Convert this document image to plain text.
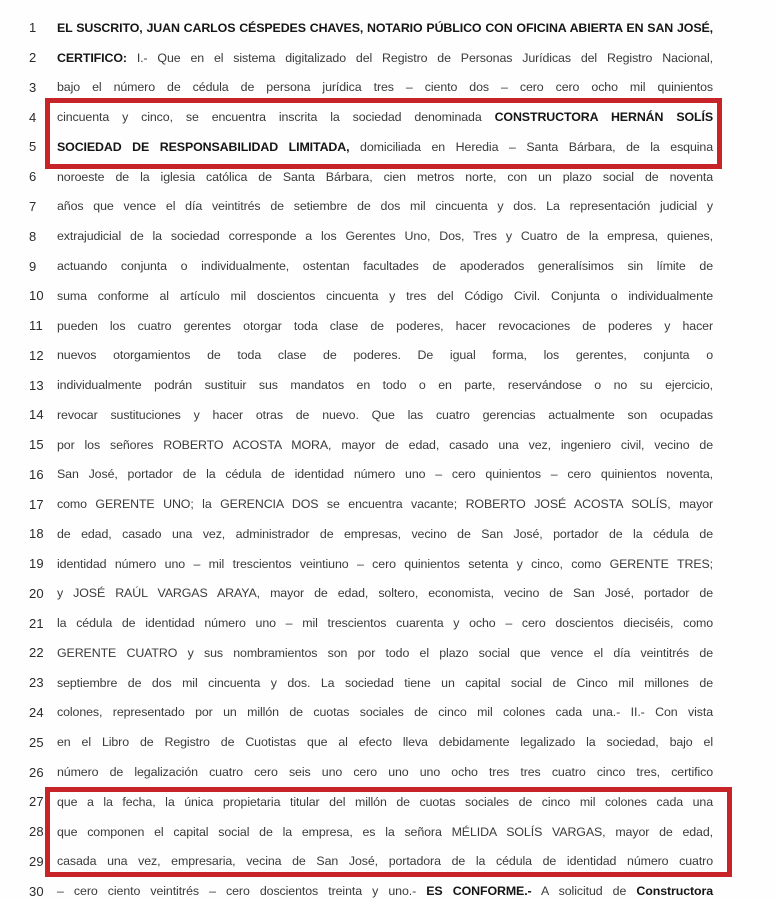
1	EL SUSCRITO, JUAN CARLOS CÉSPEDES CHAVES, NOTARIO PÚBLICO CON OFICINA ABIERTA EN SAN JOSÉ,
2	CERTIFICO: I.- Que en el sistema digitalizado del Registro de Personas Jurídicas del Registro Nacional,
3	bajo el número de cédula de persona jurídica tres – ciento dos – cero cero ocho mil quinientos
4	cincuenta y cinco, se encuentra inscrita la sociedad denominada CONSTRUCTORA HERNÁN SOLÍS
5	SOCIEDAD DE RESPONSABILIDAD LIMITADA, domiciliada en Heredia – Santa Bárbara, de la esquina
6	noroeste de la iglesia católica de Santa Bárbara, cien metros norte, con un plazo social de noventa
7	años que vence el día veintitrés de setiembre de dos mil cincuenta y dos. La representación judicial y
8	extrajudicial de la sociedad corresponde a los Gerentes Uno, Dos, Tres y Cuatro de la empresa, quienes,
9	actuando conjunta o individualmente, ostentan facultades de apoderados generalísimos sin límite de
10	suma conforme al artículo mil doscientos cincuenta y tres del Código Civil. Conjunta o individualmente
11	pueden los cuatro gerentes otorgar toda clase de poderes, hacer revocaciones de poderes y hacer
12	nuevos otorgamientos de toda clase de poderes. De igual forma, los gerentes, conjunta o
13	individualmente podrán sustituir sus mandatos en todo o en parte, reservándose o no su ejercicio,
14	revocar sustituciones y hacer otras de nuevo. Que las cuatro gerencias actualmente son ocupadas
15	por los señores ROBERTO ACOSTA MORA, mayor de edad, casado una vez, ingeniero civil, vecino de
16	San José, portador de la cédula de identidad número uno – cero quinientos – cero quinientos noventa,
17	como GERENTE UNO; la GERENCIA DOS se encuentra vacante; ROBERTO JOSÉ ACOSTA SOLÍS, mayor
18	de edad, casado una vez, administrador de empresas, vecino de San José, portador de la cédula de
19	identidad número uno – mil trescientos veintiuno – cero quinientos setenta y cinco, como GERENTE TRES;
20	y JOSÉ RAÚL VARGAS ARAYA, mayor de edad, soltero, economista, vecino de San José, portador de
21	la cédula de identidad número uno – mil trescientos cuarenta y ocho – cero doscientos dieciséis, como
22	GERENTE CUATRO y sus nombramientos son por todo el plazo social que vence el día veintitrés de
23	septiembre de dos mil cincuenta y dos. La sociedad tiene un capital social de Cinco mil millones de
24	colones, representado por un millón de cuotas sociales de cinco mil colones cada una.- II.- Con vista
25	en el Libro de Registro de Cuotistas que al efecto lleva debidamente legalizado la sociedad, bajo el
26	número de legalización cuatro cero seis uno cero uno uno ocho tres tres cuatro cinco tres, certifico
27	que a la fecha, la única propietaria titular del millón de cuotas sociales de cinco mil colones cada una
28	que componen el capital social de la empresa, es la señora MÉLIDA SOLÍS VARGAS, mayor de edad,
29	casada una vez, empresaria, vecina de San José, portadora de la cédula de identidad número cuatro
30	– cero ciento veintitrés – cero doscientos treinta y uno.- ES CONFORME.- A solicitud de Constructora
